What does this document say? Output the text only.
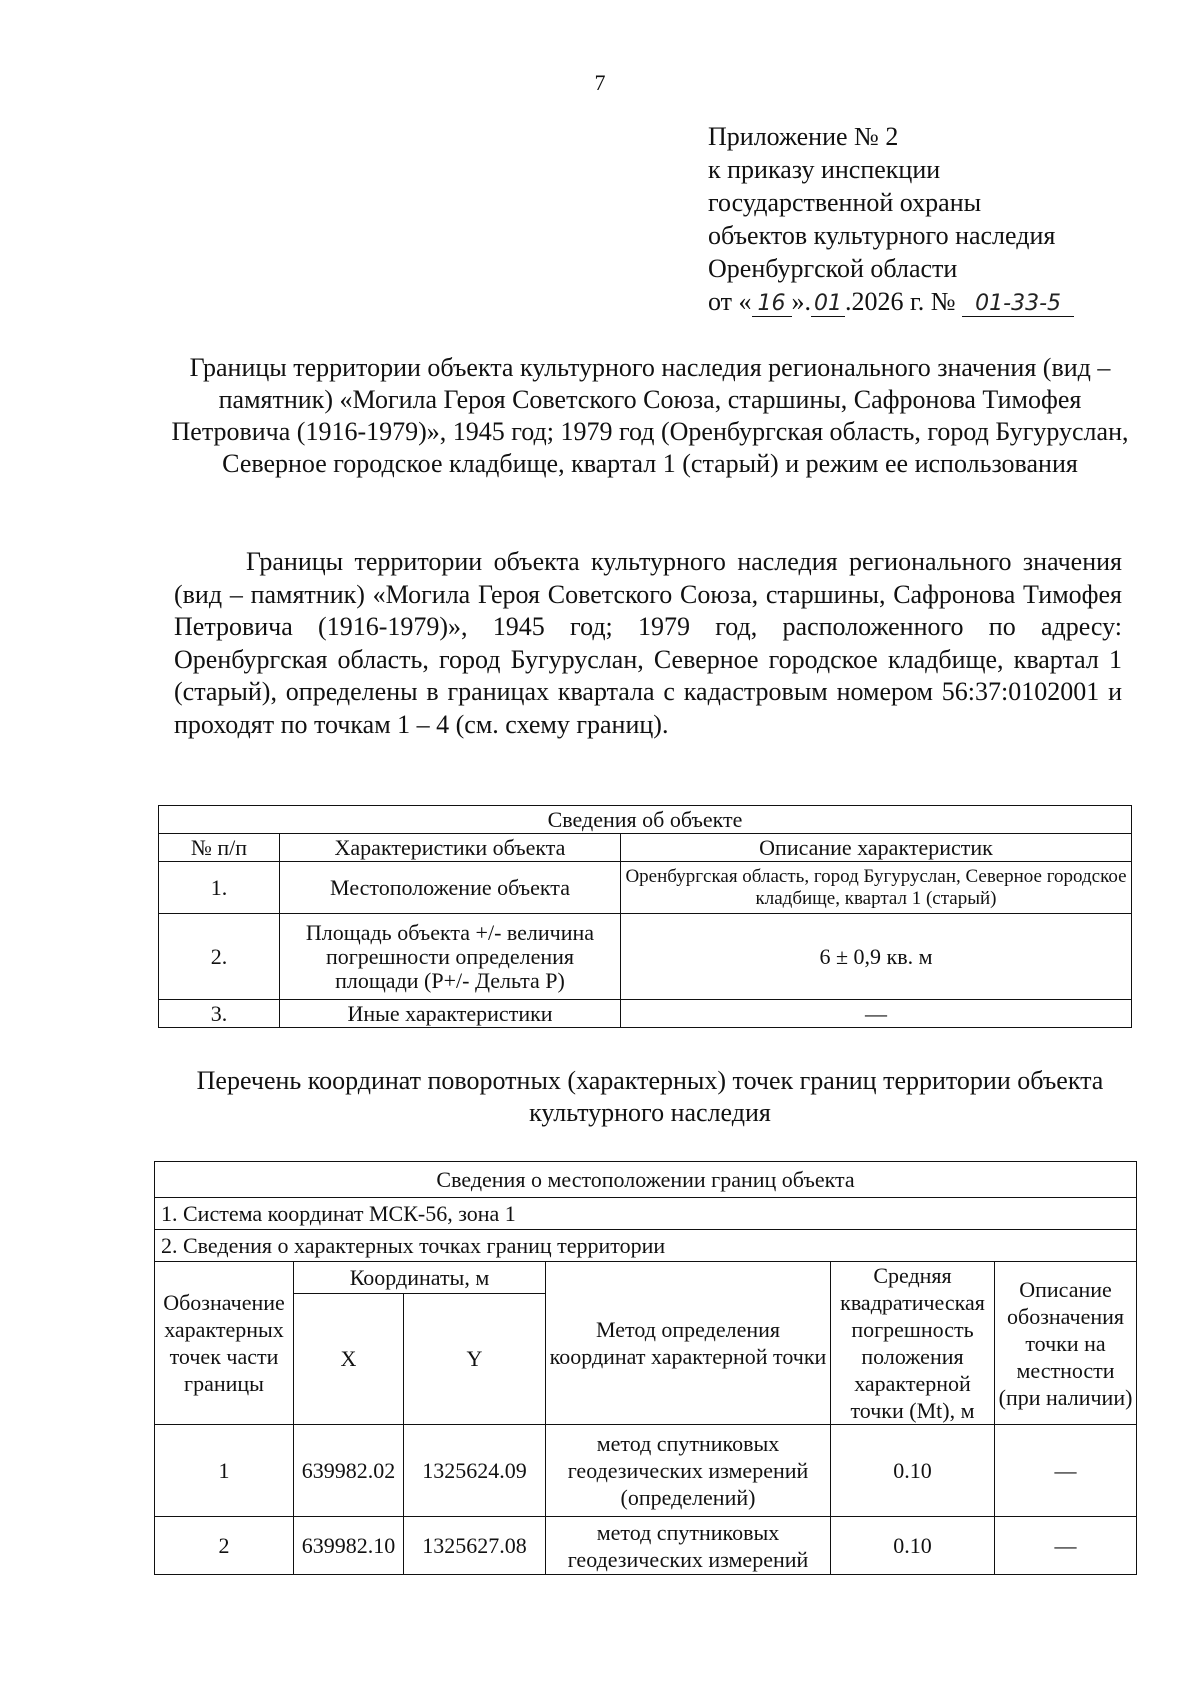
7
Приложение № 2
к приказу инспекции
государственной охраны
объектов культурного наследия
Оренбургской области
от « 16 ». 01 .2026 г. № 01-33-5
Границы территории объекта культурного наследия регионального значения (вид – памятник) «Могила Героя Советского Союза, старшины, Сафронова Тимофея Петровича (1916-1979)», 1945 год; 1979 год (Оренбургская область, город Бугуруслан, Северное городское кладбище, квартал 1 (старый) и режим ее использования
Границы территории объекта культурного наследия регионального значения (вид – памятник) «Могила Героя Советского Союза, старшины, Сафронова Тимофея Петровича (1916-1979)», 1945 год; 1979 год, расположенного по адресу: Оренбургская область, город Бугуруслан, Северное городское кладбище, квартал 1 (старый), определены в границах квартала с кадастровым номером 56:37:0102001 и проходят по точкам 1 – 4 (см. схему границ).
Сведения об объекте		
№ п/п	Характеристики объекта	Описание характеристик
1.	Местоположение объекта	Оренбургская область, город Бугуруслан, Северное городское кладбище, квартал 1 (старый)
2.	Площадь объекта +/- величина погрешности определения площади (P+/- Дельта P)	6 ± 0,9 кв. м
3.	Иные характеристики	—
Перечень координат поворотных (характерных) точек границ территории объекта культурного наследия
Сведения о местоположении границ объекта					
1. Система координат МСК-56, зона 1					
2. Сведения о характерных точках границ территории					
Обозначение характерных точек части границы	Координаты, м		Метод определения координат характерной точки	Средняя квадратическая погрешность положения характерной точки (Mt), м	Описание обозначения точки на местности (при наличии)
	X	Y			
1	639982.02	1325624.09	метод спутниковых геодезических измерений (определений)	0.10	—
2	639982.10	1325627.08	метод спутниковых геодезических измерений	0.10	—
